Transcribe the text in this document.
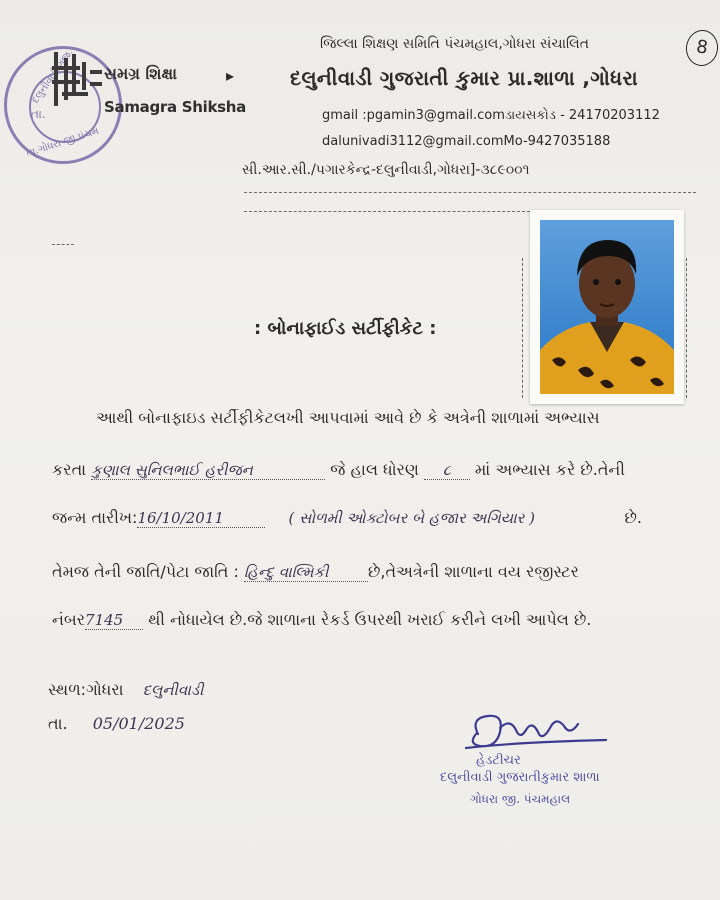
8
દલુનીવાડી ગુજ.
તા.
તા.ગોધરા જી.પંચમ
સમગ્ર શિક્ષા
Samagra Shiksha
▸
જિલ્લા શિક્ષણ સમિતિ પંચમહાલ,ગોધરા સંચાલિત
દલુનીવાડી ગુજરાતી કુમાર પ્રા.શાળા ,ગોધરા
gmail :pgamin3@gmail.comડાયસકોડ - 24170203112
dalunivadi3112@gmail.comMo-9427035188
સી.આર.સી./પગારકેન્દ્ર-દલુનીવાડી,ગોધરા]-૩૮૯૦૦૧
: બોનાફાઈડ સર્ટીફીકેટ :
આથી બોનાફાઇડ સર્ટીફીકેટલખી આપવામાં આવે છે કે અત્રેની શાળામાં અભ્યાસ
કરતા કુણાલ સુનિલભાઈ હરીજન	જે હાલ ધોરણ ૮ માં અભ્યાસ કરે છે.તેની
જન્મ તારીખ:16/10/2011	( સોળમી ઓક્ટોબર બે હજાર અગિયાર )	છે.
તેમજ તેની જાતિ/પેટા જાતિ : હિન્દુ વાલ્મિકી છે,તેઅત્રેની શાળાના વય રજીસ્ટર
નંબર7145 થી નોધાયેલ છે.જે શાળાના રેકર્ડ ઉપરથી ખરાઈ કરીને લખી આપેલ છે.
સ્થળ:ગોધરા દલુનીવાડી
તા. 05/01/2025
હેડટીચર
દલુનીવાડી ગુજરાતીકુમાર શાળા
ગોધરા જી. પંચમહાલ
